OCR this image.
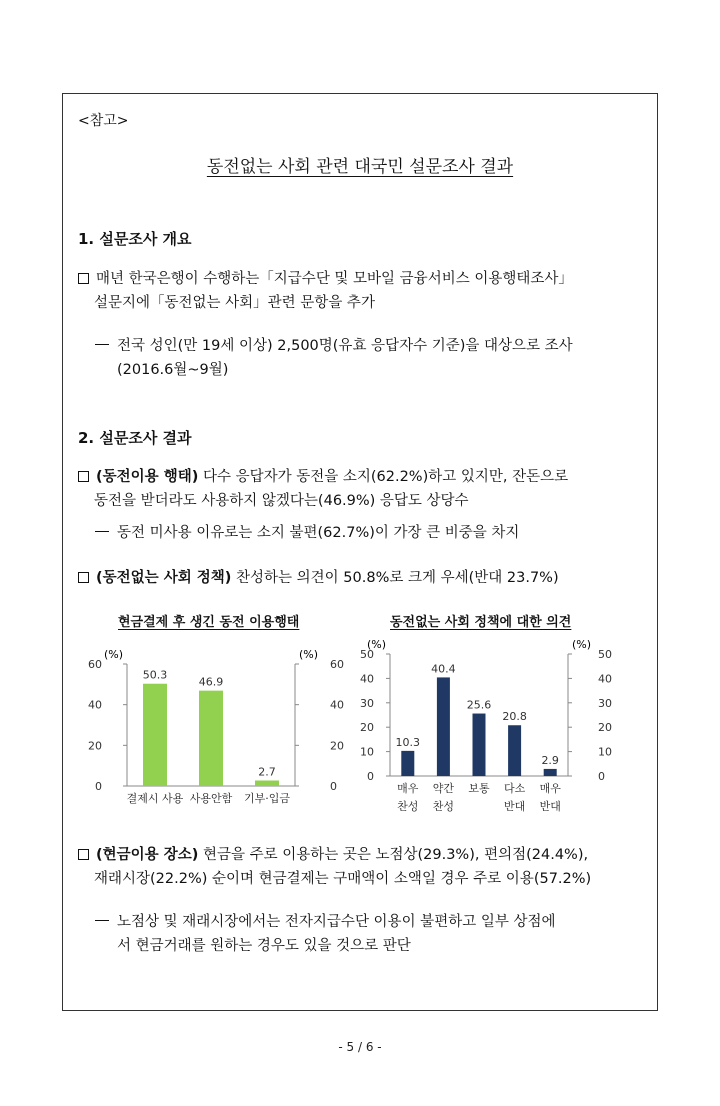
<참고>
동전없는 사회 관련 대국민 설문조사 결과
1. 설문조사 개요
매년 한국은행이 수행하는「지급수단 및 모바일 금융서비스 이용행태조사」
설문지에「동전없는 사회」관련 문항을 추가
전국 성인(만 19세 이상) 2,500명(유효 응답자수 기준)을 대상으로 조사
(2016.6월~9월)
2. 설문조사 결과
(동전이용 행태) 다수 응답자가 동전을 소지(62.2%)하고 있지만, 잔돈으로
동전을 받더라도 사용하지 않겠다는(46.9%) 응답도 상당수
동전 미사용 이유로는 소지 불편(62.7%)이 가장 큰 비중을 차지
(동전없는 사회 정책) 찬성하는 의견이 50.8%로 크게 우세(반대 23.7%)
현금결제 후 생긴 동전 이용행태
(%)	(%)
0	0
20	20
40	40
60	60
50.3
결제시 사용
46.9
사용안함
2.7
기부·입금
동전없는 사회 정책에 대한 의견
(%)	(%)
0	0
10	10
20	20
30	30
40	40
50	50
10.3
매우
찬성
40.4
약간
찬성
25.6
보통
20.8
다소
반대
2.9
매우
반대
(현금이용 장소) 현금을 주로 이용하는 곳은 노점상(29.3%), 편의점(24.4%),
재래시장(22.2%) 순이며 현금결제는 구매액이 소액일 경우 주로 이용(57.2%)
노점상 및 재래시장에서는 전자지급수단 이용이 불편하고 일부 상점에
서 현금거래를 원하는 경우도 있을 것으로 판단
- 5 / 6 -
